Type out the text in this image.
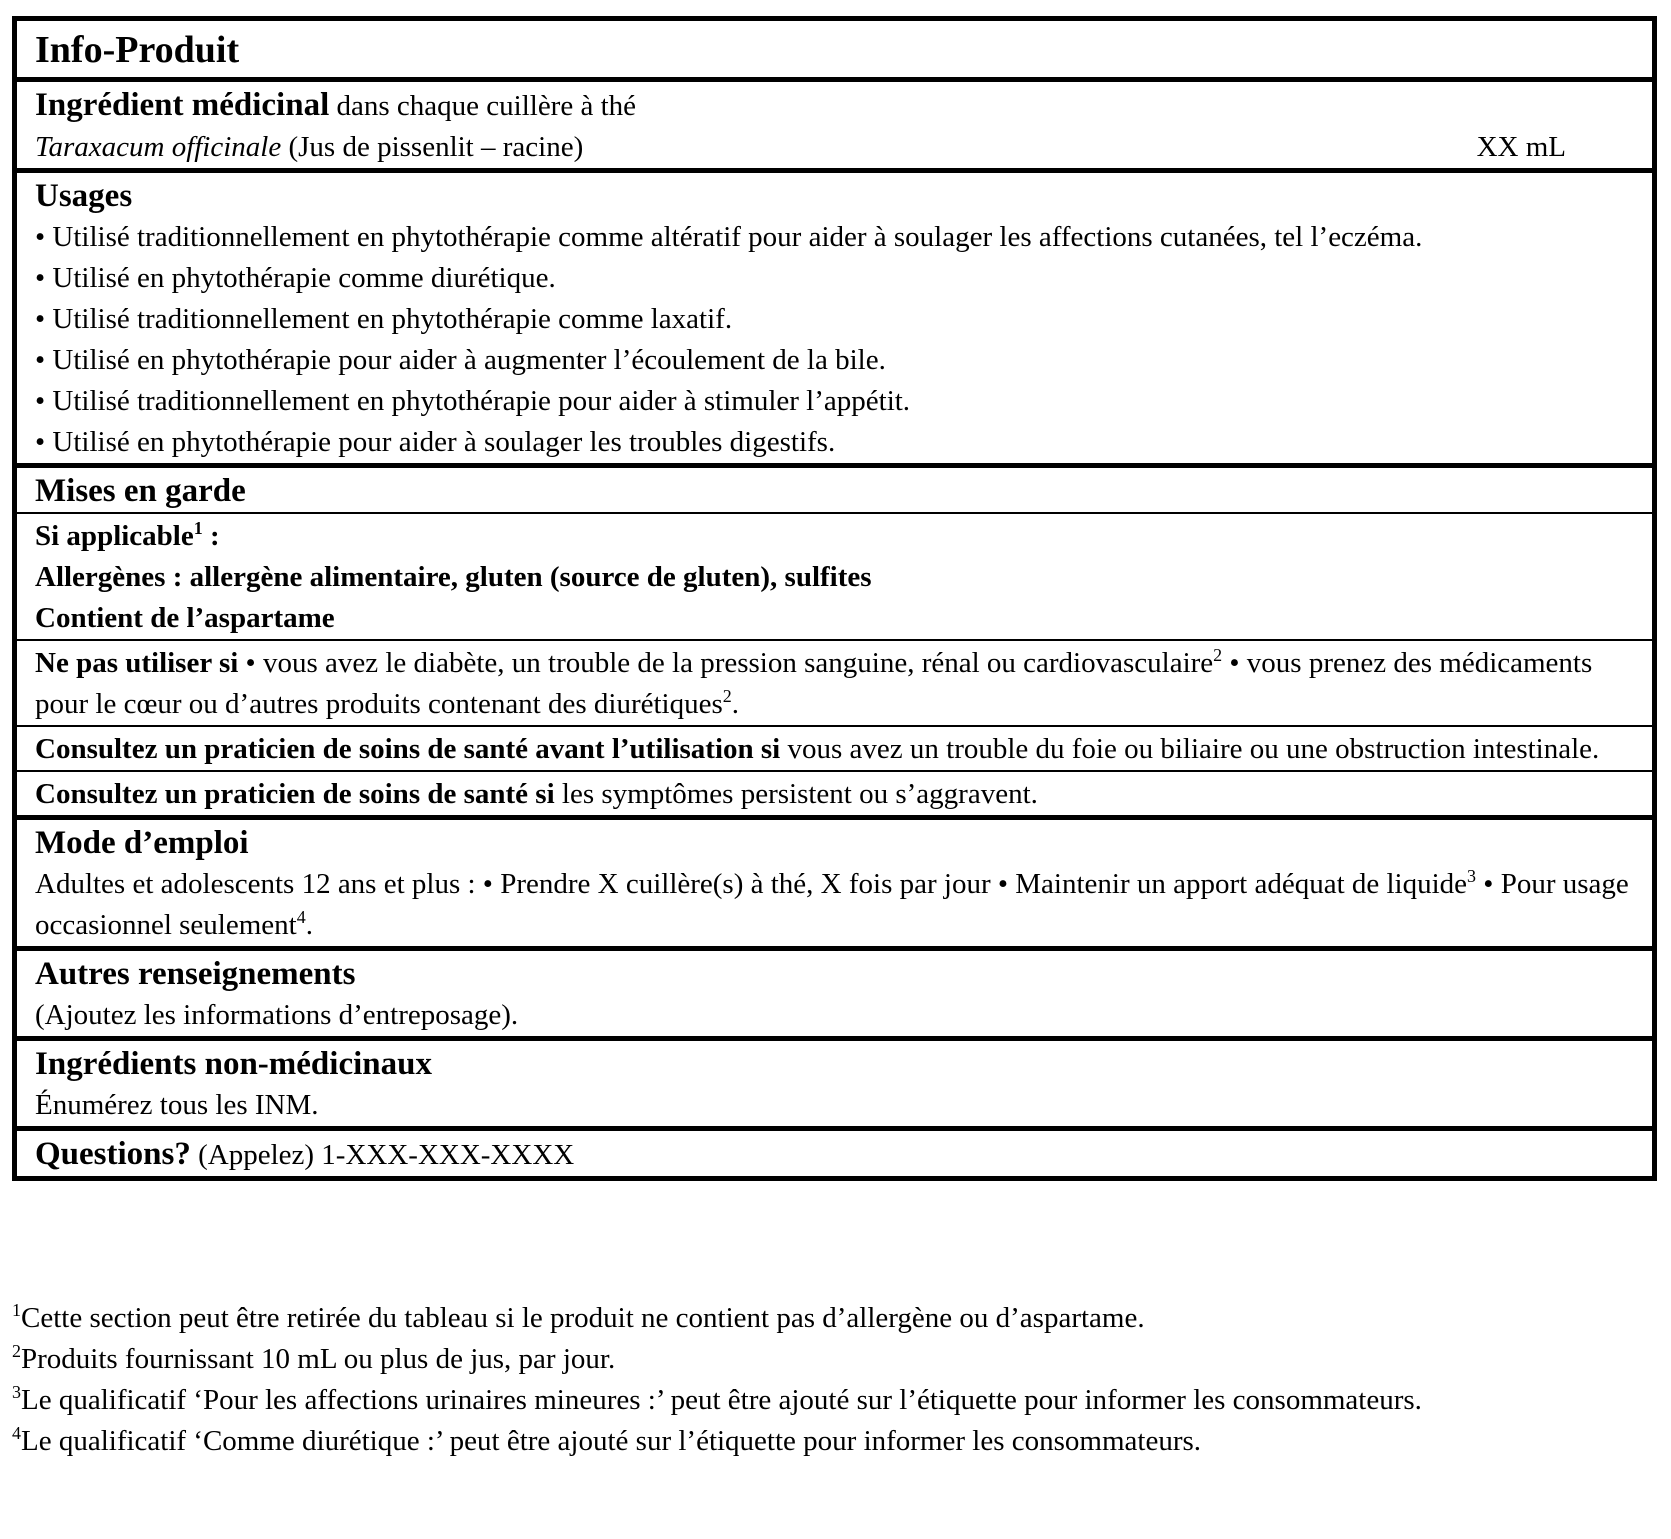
Info-Produit
Ingrédient médicinal dans chaque cuillère à thé
Taraxacum officinale (Jus de pissenlit – racine)	XX mL
Usages
• Utilisé traditionnellement en phytothérapie comme altératif pour aider à soulager les affections cutanées, tel l’eczéma.
• Utilisé en phytothérapie comme diurétique.
• Utilisé traditionnellement en phytothérapie comme laxatif.
• Utilisé en phytothérapie pour aider à augmenter l’écoulement de la bile.
• Utilisé traditionnellement en phytothérapie pour aider à stimuler l’appétit.
• Utilisé en phytothérapie pour aider à soulager les troubles digestifs.
Mises en garde
Si applicable$^1$ :
Allergènes : allergène alimentaire, gluten (source de gluten), sulfites
Contient de l’aspartame
Ne pas utiliser si • vous avez le diabète, un trouble de la pression sanguine, rénal ou cardiovasculaire$^2$ • vous prenez des médicaments pour le cœur ou d’autres produits contenant des diurétiques$^2$.
Consultez un praticien de soins de santé avant l’utilisation si vous avez un trouble du foie ou biliaire ou une obstruction intestinale.
Consultez un praticien de soins de santé si les symptômes persistent ou s’aggravent.
Mode d’emploi
Adultes et adolescents 12 ans et plus : • Prendre X cuillère(s) à thé, X fois par jour • Maintenir un apport adéquat de liquide$^3$ • Pour usage occasionnel seulement$^4$.
Autres renseignements
(Ajoutez les informations d’entreposage).
Ingrédients non-médicinaux
Énumérez tous les INM.
Questions? (Appelez) 1-XXX-XXX-XXXX
$^1$Cette section peut être retirée du tableau si le produit ne contient pas d’allergène ou d’aspartame.
$^2$Produits fournissant 10 mL ou plus de jus, par jour.
$^3$Le qualificatif ‘Pour les affections urinaires mineures :’ peut être ajouté sur l’étiquette pour informer les consommateurs.
$^4$Le qualificatif ‘Comme diurétique :’ peut être ajouté sur l’étiquette pour informer les consommateurs.
